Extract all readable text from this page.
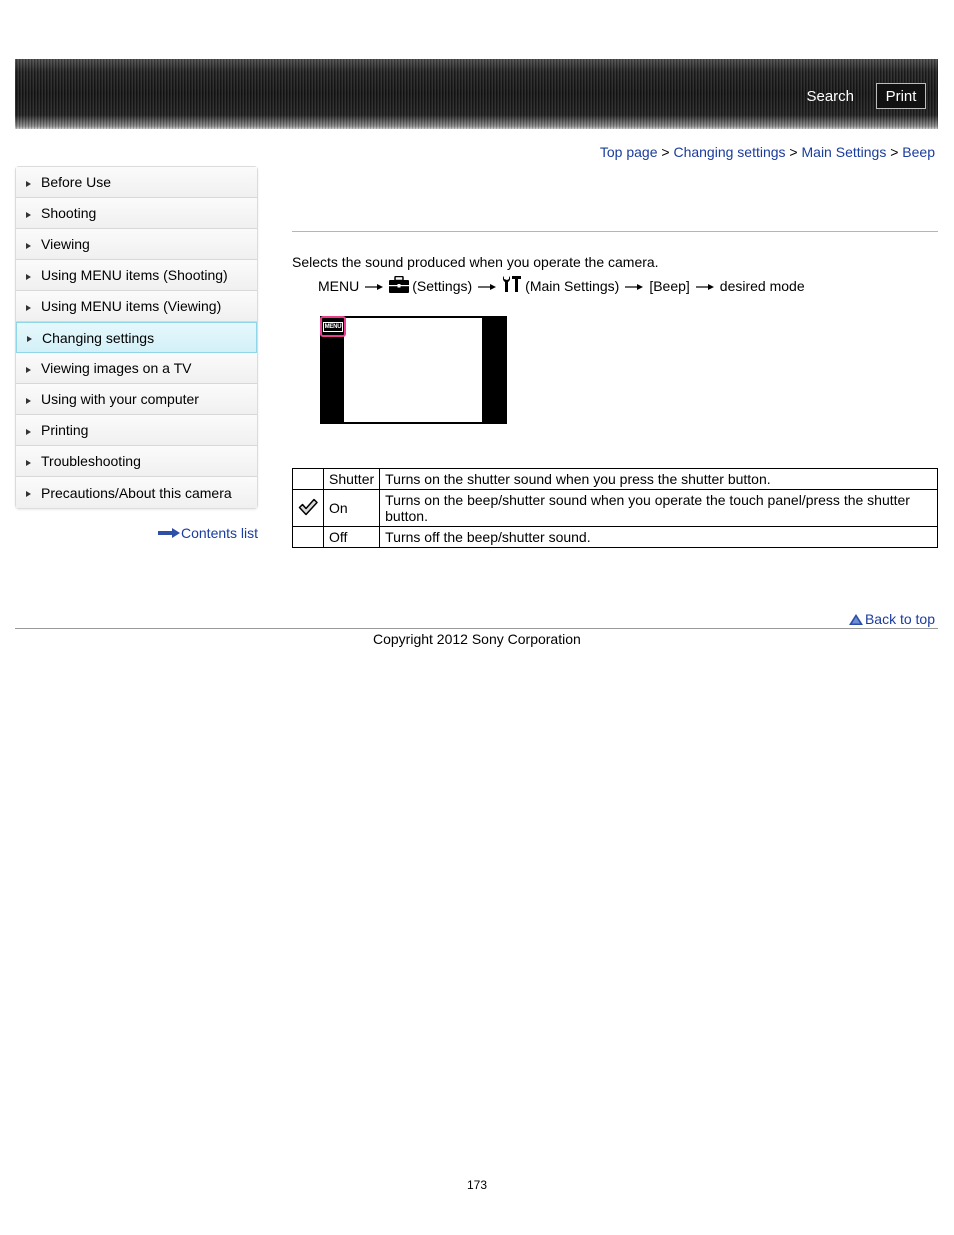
Search	Print
Top page > Changing settings > Main Settings > Beep
Before Use
Shooting
Viewing
Using MENU items (Shooting)
Using MENU items (Viewing)
Changing settings
Viewing images on a TV
Using with your computer
Printing
Troubleshooting
Precautions/About this camera
Contents list
Selects the sound produced when you operate the camera.
MENU	(Settings)	(Main Settings) [Beep] desired mode
MENU
	Shutter	Turns on the shutter sound when you press the shutter button.
	On	Turns on the beep/shutter sound when you operate the touch panel/press the shutter button.
	Off	Turns off the beep/shutter sound.
Back to top
Copyright 2012 Sony Corporation
173
